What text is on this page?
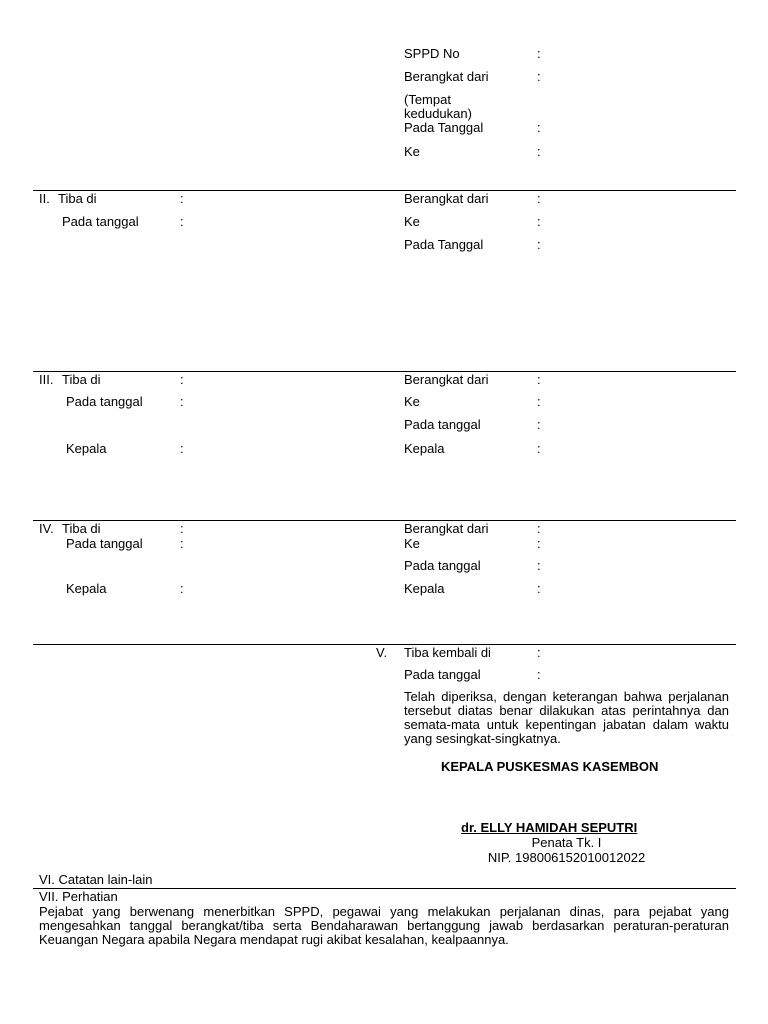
SPPD No	:
Berangkat dari	:
(Tempat kedudukan)
Pada Tanggal	:
Ke	:
II. Tiba di	:
Pada tanggal	:
Berangkat dari	:
Ke	:
Pada Tanggal	:
III. Tiba di	:
Pada tanggal	:
Kepala	:
Berangkat dari	:
Ke	:
Pada tanggal	:
Kepala	:
IV. Tiba di	:
Pada tanggal	:
Kepala	:
Berangkat dari	:
Ke	:
Pada tanggal	:
Kepala	:
V. Tiba kembali di	:
Pada tanggal	:
Telah diperiksa, dengan keterangan bahwa perjalanan tersebut diatas benar dilakukan atas perintahnya dan semata-mata untuk kepentingan jabatan dalam waktu yang sesingkat-singkatnya.
KEPALA PUSKESMAS KASEMBON
dr. ELLY HAMIDAH SEPUTRI
Penata Tk. I
NIP. 198006152010012022
VI. Catatan lain-lain
VII. Perhatian
Pejabat yang berwenang menerbitkan SPPD, pegawai yang melakukan perjalanan dinas, para pejabat yang mengesahkan tanggal berangkat/tiba serta Bendaharawan bertanggung jawab berdasarkan peraturan-peraturan Keuangan Negara apabila Negara mendapat rugi akibat kesalahan, kealpaannya.
